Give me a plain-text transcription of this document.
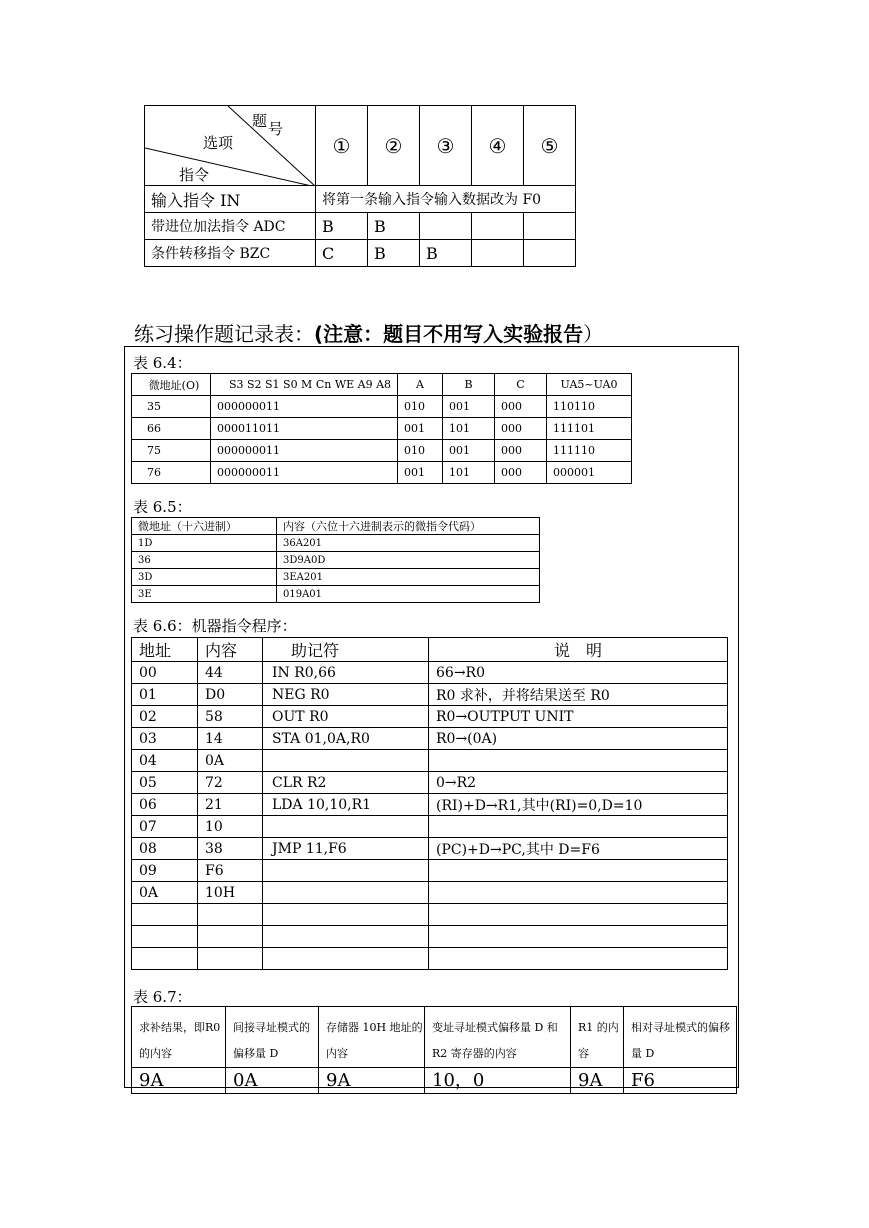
题 号
选项
指令	①	②	③	④	⑤
输入指令 IN	将第一条输入指令输入数据改为 F0				
带进位加法指令 ADC	B	B			
条件转移指令 BZC	C	B	B		
练习操作题记录表：(注意：题目不用写入实验报告）
表 6.4：
微地址(O)	S3 S2 S1 S0 M Cn WE A9 A8	A	B	C	UA5~UA0
35	000000011	010	001	000	110110
66	000011011	001	101	000	111101
75	000000011	010	001	000	111110
76	000000011	001	101	000	000001
表 6.5：
微地址（十六进制）	内容（六位十六进制表示的微指令代码）
1D	36A201
36	3D9A0D
3D	3EA201
3E	019A01
表 6.6：机器指令程序：
地址	内容	助记符	说　明
00	44	IN R0,66	66→R0
01	D0	NEG R0	R0 求补，并将结果送至 R0
02	58	OUT R0	R0→OUTPUT UNIT
03	14	STA 01,0A,R0	R0→(0A)
04	0A		
05	72	CLR R2	0→R2
06	21	LDA 10,10,R1	(RI)+D→R1,其中(RI)=0,D=10
07	10		
08	38	JMP 11,F6	(PC)+D→PC,其中 D=F6
09	F6		
0A	10H		

表 6.7：
求补结果，即R0 的内容	间接寻址模式的偏移量 D	存储器 10H 地址的内容	变址寻址模式偏移量 D 和 R2 寄存器的内容	R1 的内容	相对寻址模式的偏移量 D
9A	0A	9A	10，0	9A	F6
